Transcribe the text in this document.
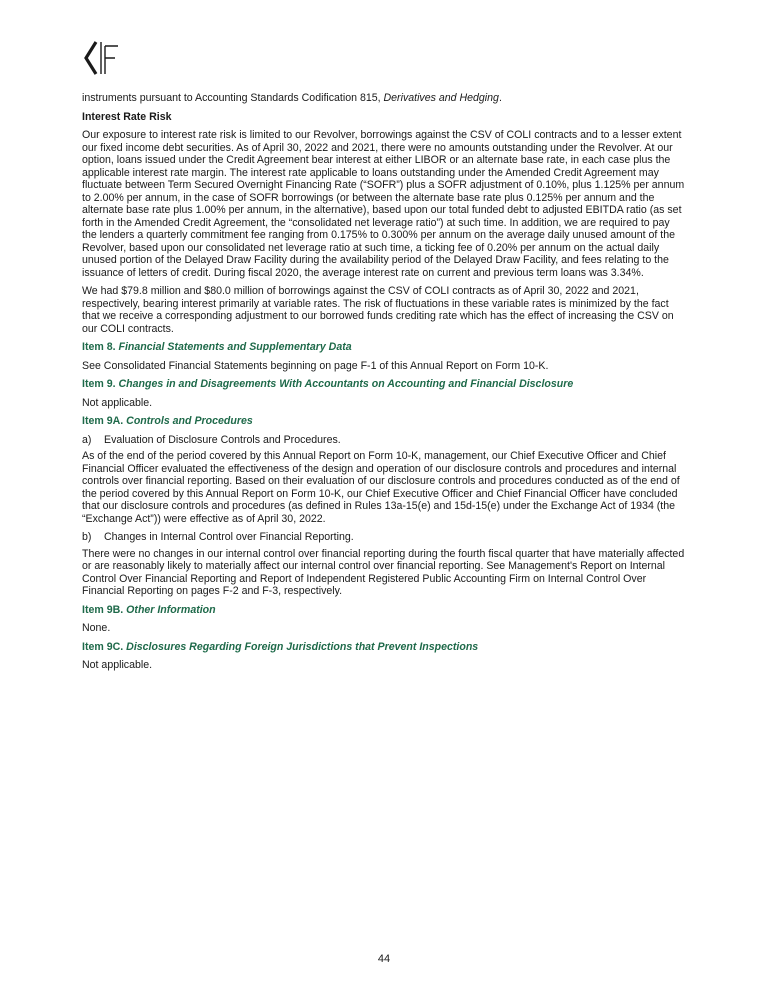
instruments pursuant to Accounting Standards Codification 815, Derivatives and Hedging.

Interest Rate Risk

Our exposure to interest rate risk is limited to our Revolver, borrowings against the CSV of COLI contracts and to a lesser extent our fixed income debt securities. As of April 30, 2022 and 2021, there were no amounts outstanding under the Revolver. At our option, loans issued under the Credit Agreement bear interest at either LIBOR or an alternate base rate, in each case plus the applicable interest rate margin. The interest rate applicable to loans outstanding under the Amended Credit Agreement may fluctuate between Term Secured Overnight Financing Rate (“SOFR”) plus a SOFR adjustment of 0.10%, plus 1.125% per annum to 2.00% per annum, in the case of SOFR borrowings (or between the alternate base rate plus 0.125% per annum and the alternate base rate plus 1.00% per annum, in the alternative), based upon our total funded debt to adjusted EBITDA ratio (as set forth in the Amended Credit Agreement, the “consolidated net leverage ratio”) at such time. In addition, we are required to pay the lenders a quarterly commitment fee ranging from 0.175% to 0.300% per annum on the average daily unused amount of the Revolver, based upon our consolidated net leverage ratio at such time, a ticking fee of 0.20% per annum on the actual daily unused portion of the Delayed Draw Facility during the availability period of the Delayed Draw Facility, and fees relating to the issuance of letters of credit. During fiscal 2020, the average interest rate on current and previous term loans was 3.34%.

We had $79.8 million and $80.0 million of borrowings against the CSV of COLI contracts as of April 30, 2022 and 2021, respectively, bearing interest primarily at variable rates. The risk of fluctuations in these variable rates is minimized by the fact that we receive a corresponding adjustment to our borrowed funds crediting rate which has the effect of increasing the CSV on our COLI contracts.

Item 8. Financial Statements and Supplementary Data

See Consolidated Financial Statements beginning on page F-1 of this Annual Report on Form 10-K.

Item 9. Changes in and Disagreements With Accountants on Accounting and Financial Disclosure

Not applicable.

Item 9A. Controls and Procedures

a)	Evaluation of Disclosure Controls and Procedures.

As of the end of the period covered by this Annual Report on Form 10-K, management, our Chief Executive Officer and Chief Financial Officer evaluated the effectiveness of the design and operation of our disclosure controls and procedures and internal controls over financial reporting. Based on their evaluation of our disclosure controls and procedures conducted as of the end of the period covered by this Annual Report on Form 10-K, our Chief Executive Officer and Chief Financial Officer have concluded that our disclosure controls and procedures (as defined in Rules 13a-15(e) and 15d-15(e) under the Exchange Act of 1934 (the “Exchange Act”)) were effective as of April 30, 2022.

b)	Changes in Internal Control over Financial Reporting.

There were no changes in our internal control over financial reporting during the fourth fiscal quarter that have materially affected or are reasonably likely to materially affect our internal control over financial reporting. See Management's Report on Internal Control Over Financial Reporting and Report of Independent Registered Public Accounting Firm on Internal Control Over Financial Reporting on pages F-2 and F-3, respectively.

Item 9B. Other Information

None.

Item 9C. Disclosures Regarding Foreign Jurisdictions that Prevent Inspections

Not applicable.

44
